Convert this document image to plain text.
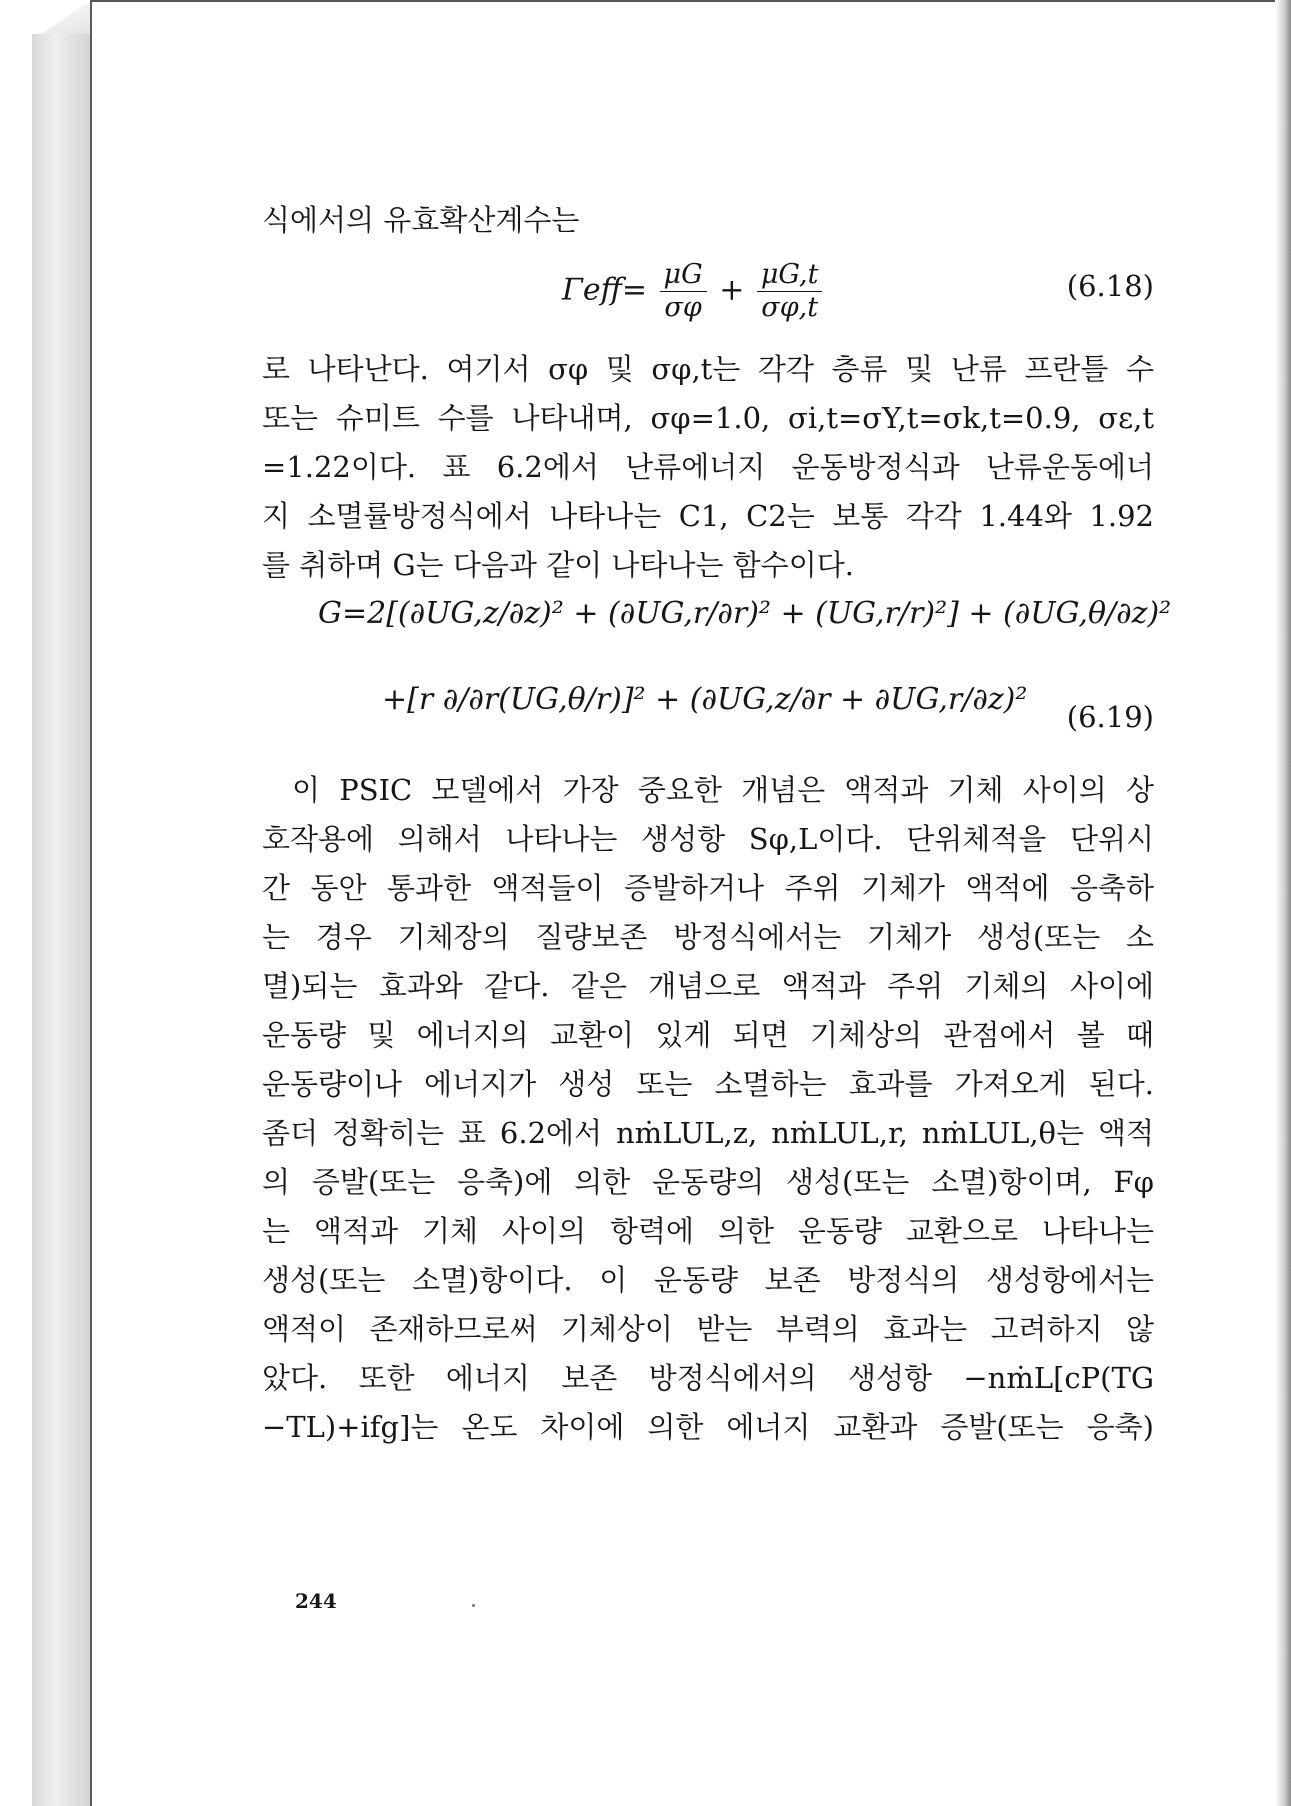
식에서의 유효확산계수는
$\Gamma eff= \frac{\mu G}{\sigma\varphi} + \frac{\mu G,t}{\sigma\varphi,t}$	(6.18)
로 나타난다. 여기서 σφ 및 σφ,t는 각각 층류 및 난류 프란틀 수
또는 슈미트 수를 나타내며, σφ=1.0, σi,t=σY,t=σk,t=0.9, σε,t
=1.22이다. 표 6.2에서 난류에너지 운동방정식과 난류운동에너
지 소멸률방정식에서 나타나는 C1, C2는 보통 각각 1.44와 1.92
를 취하며 G는 다음과 같이 나타나는 함수이다.
G=2[(∂UG,z/∂z)² + (∂UG,r/∂r)² + (UG,r/r)²] + (∂UG,θ/∂z)²
+[r ∂/∂r(UG,θ/r)]² + (∂UG,z/∂r + ∂UG,r/∂z)² (6.19)
이 PSIC 모델에서 가장 중요한 개념은 액적과 기체 사이의 상
호작용에 의해서 나타나는 생성항 Sφ,L이다. 단위체적을 단위시
간 동안 통과한 액적들이 증발하거나 주위 기체가 액적에 응축하
는 경우 기체장의 질량보존 방정식에서는 기체가 생성(또는 소
멸)되는 효과와 같다. 같은 개념으로 액적과 주위 기체의 사이에
운동량 및 에너지의 교환이 있게 되면 기체상의 관점에서 볼 때
운동량이나 에너지가 생성 또는 소멸하는 효과를 가져오게 된다.
좀더 정확히는 표 6.2에서 nṁLUL,z, nṁLUL,r, nṁLUL,θ는 액적
의 증발(또는 응축)에 의한 운동량의 생성(또는 소멸)항이며, Fφ
는 액적과 기체 사이의 항력에 의한 운동량 교환으로 나타나는
생성(또는 소멸)항이다. 이 운동량 보존 방정식의 생성항에서는
액적이 존재하므로써 기체상이 받는 부력의 효과는 고려하지 않
았다. 또한 에너지 보존 방정식에서의 생성항 −nṁL[cP(TG
−TL)+ifg]는 온도 차이에 의한 에너지 교환과 증발(또는 응축)
244
